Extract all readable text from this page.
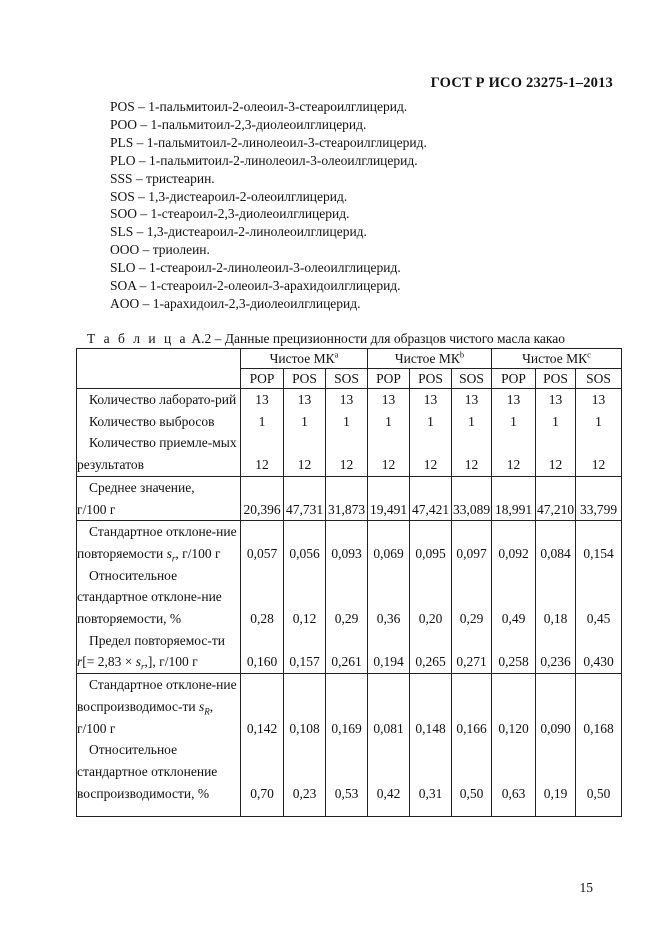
ГОСТ Р ИСО 23275-1–2013
POS – 1-пальмитоил-2-олеоил-3-стеароилглицерид.
POO – 1-пальмитоил-2,3-диолеоилглицерид.
PLS – 1-пальмитоил-2-линолеоил-3-стеароилглицерид.
PLO – 1-пальмитоил-2-линолеоил-3-олеоилглицерид.
SSS – тристеарин.
SOS – 1,3-дистеароил-2-олеоилглицерид.
SOO – 1-стеароил-2,3-диолеоилглицерид.
SLS – 1,3-дистеароил-2-линолеоилглицерид.
OOO – триолеин.
SLO – 1-стеароил-2-линолеоил-3-олеоилглицерид.
SOA – 1-стеароил-2-олеоил-3-арахидоилглицерид.
AOO – 1-арахидоил-2,3-диолеоилглицерид.
Т а б л и ц а А.2 – Данные прецизионности для образцов чистого масла какао
	Чистое $МК^a$			Чистое $МК^b$			Чистое $МК^c$
	POP	POS	SOS	POP	POS	SOS	POP	POS	SOS
Количество лаборато-рий	13	13	13	13	13	13	13	13	13
Количество выбросов	1	1	1	1	1	1	1	1	1
Количество приемле-мых результатов	12	12	12	12	12	12	12	12	12

Среднее значение,
г/100 г	20,396	47,731	31,873	19,491	47,421	33,089	18,991	47,210	33,799
Стандартное отклоне-ние повторяемости $s_r$, г/100 г	0,057	0,056	0,093	0,069	0,095	0,097	0,092	0,084	0,154
Относительное стандартное отклоне-ние повторяемости, %	0,28	0,12	0,29	0,36	0,20	0,29	0,49	0,18	0,45
Предел повторяемос-ти $r[= 2,83 \times s_r,]$, г/100 г	0,160	0,157	0,261	0,194	0,265	0,271	0,258	0,236	0,430
Стандартное отклоне-ние воспроизводимос-ти $s_R$, г/100 г	0,142	0,108	0,169	0,081	0,148	0,166	0,120	0,090	0,168
Относительное стандартное отклонение воспроизводимости, %	0,70	0,23	0,53	0,42	0,31	0,50	0,63	0,19	0,50
15
